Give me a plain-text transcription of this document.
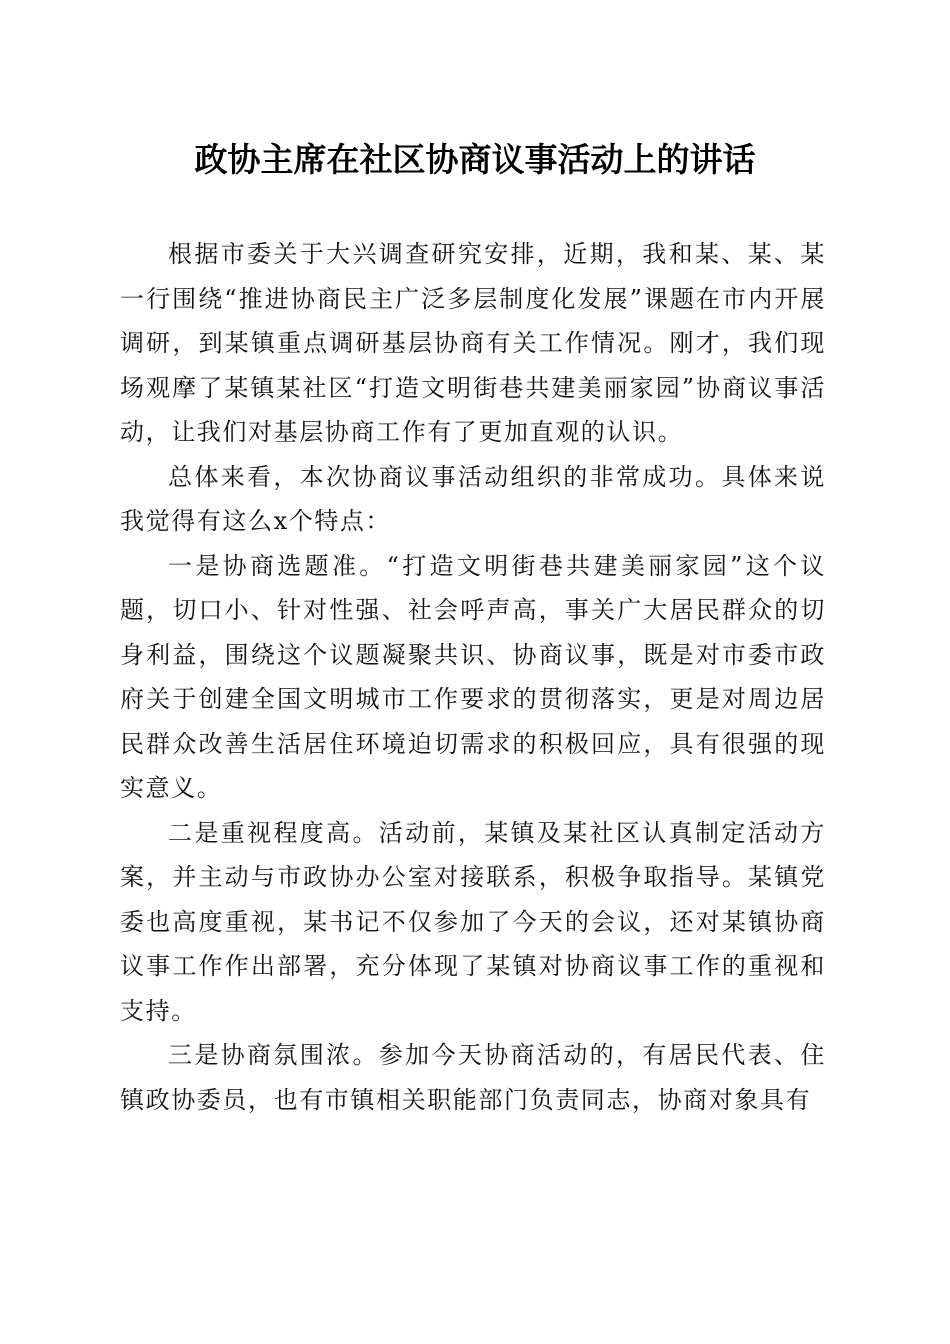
政协主席在社区协商议事活动上的讲话

根据市委关于大兴调查研究安排，近期，我和某、某、某一行围绕“推进协商民主广泛多层制度化发展”课题在市内开展调研，到某镇重点调研基层协商有关工作情况。刚才，我们现场观摩了某镇某社区“打造文明街巷共建美丽家园”协商议事活动，让我们对基层协商工作有了更加直观的认识。

总体来看，本次协商议事活动组织的非常成功。具体来说我觉得有这么x个特点：

一是协商选题准。“打造文明街巷共建美丽家园”这个议题，切口小、针对性强、社会呼声高，事关广大居民群众的切身利益，围绕这个议题凝聚共识、协商议事，既是对市委市政府关于创建全国文明城市工作要求的贯彻落实，更是对周边居民群众改善生活居住环境迫切需求的积极回应，具有很强的现实意义。

二是重视程度高。活动前，某镇及某社区认真制定活动方案，并主动与市政协办公室对接联系，积极争取指导。某镇党委也高度重视，某书记不仅参加了今天的会议，还对某镇协商议事工作作出部署，充分体现了某镇对协商议事工作的重视和支持。

三是协商氛围浓。参加今天协商活动的，有居民代表、住镇政协委员，也有市镇相关职能部门负责同志，协商对象具有
